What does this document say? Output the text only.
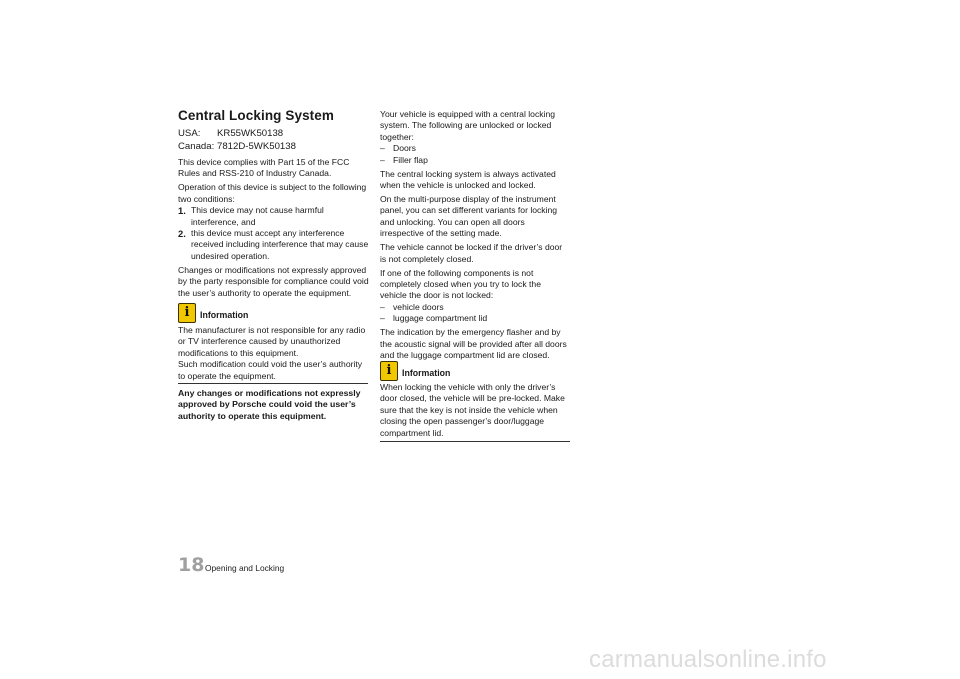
Central Locking System
USA: KR55WK50138
Canada: 7812D-5WK50138

This device complies with Part 15 of the FCC Rules and RSS-210 of Industry Canada.

Operation of this device is subject to the following two conditions:

1. This device may not cause harmful interference, and
2. this device must accept any interference received including interference that may cause undesired operation.

Changes or modifications not expressly approved by the party responsible for compliance could void the user’s authority to operate the equipment.

i	Information
The manufacturer is not responsible for any radio or TV interference caused by unauthorized modifications to this equipment.
Such modification could void the user’s authority to operate the equipment.
Any changes or modifications not expressly approved by Porsche could void the user’s authority to operate this equipment.

Your vehicle is equipped with a central locking system. The following are unlocked or locked together:

– Doors
– Filler flap

The central locking system is always activated when the vehicle is unlocked and locked.

On the multi-purpose display of the instrument panel, you can set different variants for locking and unlocking. You can open all doors irrespective of the setting made.

The vehicle cannot be locked if the driver’s door is not completely closed.

If one of the following components is not completely closed when you try to lock the vehicle the door is not locked:

– vehicle doors
– luggage compartment lid

The indication by the emergency flasher and by the acoustic signal will be provided after all doors and the luggage compartment lid are closed.

i	Information
When locking the vehicle with only the driver’s door closed, the vehicle will be pre-locked. Make sure that the key is not inside the vehicle when closing the open passenger’s door/luggage compartment lid.
18 Opening and Locking
carmanualsonline.info
